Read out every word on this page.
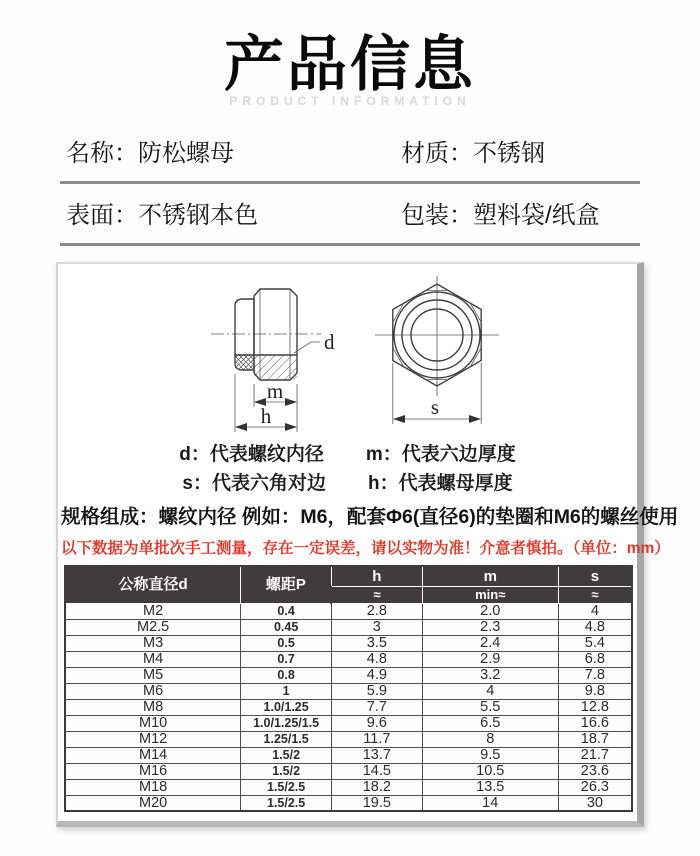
产品信息
PRODUCT INFORMATION
名称：防松螺母	材质：不锈钢
表面：不锈钢本色	包装：塑料袋/纸盒
d
m
h	s
d：代表螺纹内径 m：代表六边厚度
s：代表六角对边 h：代表螺母厚度
规格组成：螺纹内径 例如：M6，配套Φ6(直径6)的垫圈和M6的螺丝使用
以下数据为单批次手工测量，存在一定误差，请以实物为准！介意者慎拍。（单位：mm）
公称直径d	螺距P	h	m	s
		≈	min≈	≈
M2	0.4	2.8	2.0	4
M2.5	0.45	3	2.3	4.8
M3	0.5	3.5	2.4	5.4
M4	0.7	4.8	2.9	6.8
M5	0.8	4.9	3.2	7.8
M6	1	5.9	4	9.8
M8	1.0/1.25	7.7	5.5	12.8
M10	1.0/1.25/1.5	9.6	6.5	16.6
M12	1.25/1.5	11.7	8	18.7
M14	1.5/2	13.7	9.5	21.7
M16	1.5/2	14.5	10.5	23.6
M18	1.5/2.5	18.2	13.5	26.3
M20	1.5/2.5	19.5	14	30
